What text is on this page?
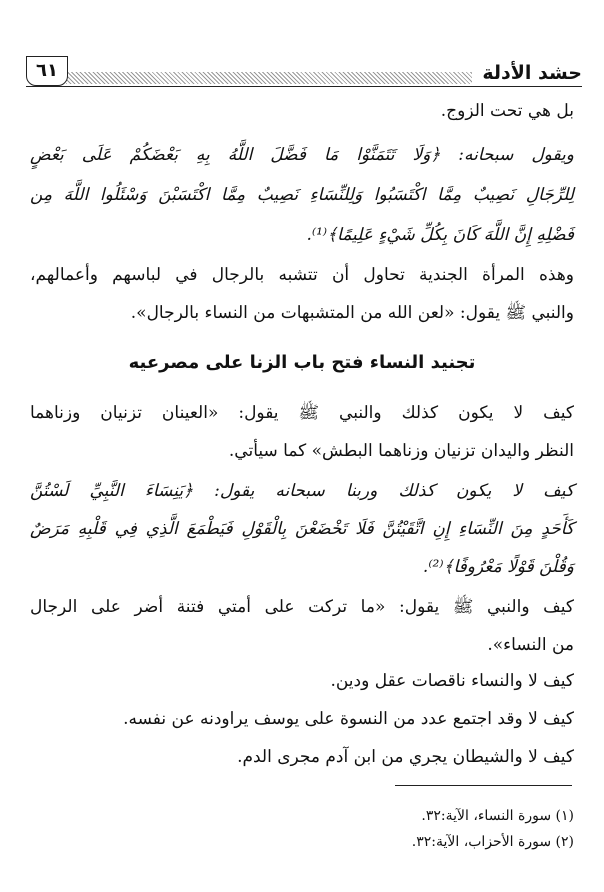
حشد الأدلة
٦١
بل هي تحت الزوج.
ويقول سبحانه: ﴿وَلَا تَتَمَنَّوْا مَا فَضَّلَ اللَّهُ بِهِ بَعْضَكُمْ عَلَى بَعْضٍ
لِلرِّجَالِ نَصِيبٌ مِمَّا اكْتَسَبُوا وَلِلنِّسَاءِ نَصِيبٌ مِمَّا اكْتَسَبْنَ وَسْئَلُوا اللَّهَ مِن
فَضْلِهِ إِنَّ اللَّهَ كَانَ بِكُلِّ شَيْءٍ عَلِيمًا﴾⁽¹⁾.
وهذه المرأة الجندية تحاول أن تتشبه بالرجال في لباسهم وأعمالهم،
والنبي ﷺ يقول: «لعن الله من المتشبهات من النساء بالرجال».
تجنيد النساء فتح باب الزنا على مصرعيه
كيف لا يكون كذلك والنبي ﷺ يقول: «العينان تزنيان وزناهما
النظر واليدان تزنيان وزناهما البطش» كما سيأتي.
كيف لا يكون كذلك وربنا سبحانه يقول: ﴿يَنِسَاءَ النَّبِيِّ لَسْتُنَّ
كَأَحَدٍ مِنَ النِّسَاءِ إِنِ اتَّقَيْتُنَّ فَلَا تَخْضَعْنَ بِالْقَوْلِ فَيَطْمَعَ الَّذِي فِي قَلْبِهِ مَرَضٌ
وَقُلْنَ قَوْلًا مَعْرُوفًا﴾⁽²⁾.
كيف والنبي ﷺ يقول: «ما تركت على أمتي فتنة أضر على الرجال
من النساء».
كيف لا والنساء ناقصات عقل ودين.
كيف لا وقد اجتمع عدد من النسوة على يوسف يراودنه عن نفسه.
كيف لا والشيطان يجري من ابن آدم مجرى الدم.
(١) سورة النساء، الآية:٣٢.
(٢) سورة الأحزاب، الآية:٣٢.
